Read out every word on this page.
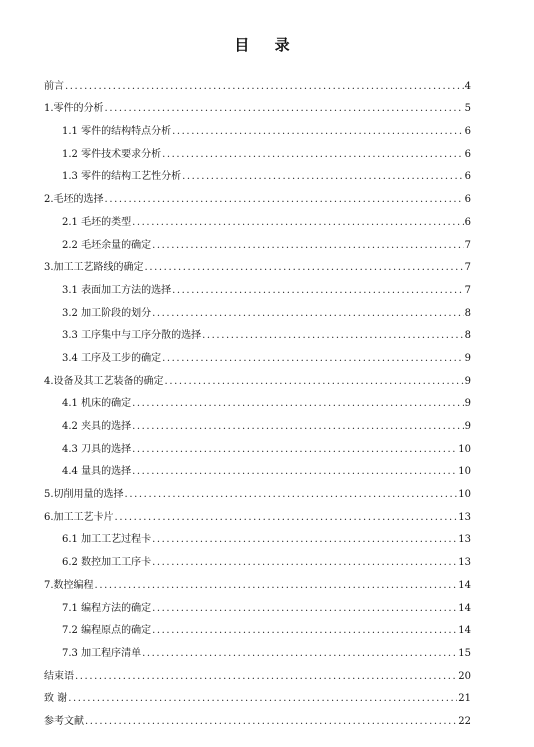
目 录
前言 .....	4
1.零件的分析 .....	5
1.1 零件的结构特点分析 .....	6
1.2 零件技术要求分析 .....	6
1.3 零件的结构工艺性分析 .....	6
2.毛坯的选择 .....	6
2.1 毛坯的类型 .....	6
2.2 毛坯余量的确定 .....	7
3.加工工艺路线的确定 .....	7
3.1 表面加工方法的选择 .....	7
3.2 加工阶段的划分 .....	8
3.3 工序集中与工序分散的选择 .....	8
3.4 工序及工步的确定 .....	9
4.设备及其工艺装备的确定 .....	9
4.1 机床的确定 .....	9
4.2 夹具的选择 .....	9
4.3 刀具的选择 .....	10
4.4 量具的选择 .....	10
5.切削用量的选择 .....	10
6.加工工艺卡片 .....	13
6.1 加工工艺过程卡 .....	13
6.2 数控加工工序卡 .....	13
7.数控编程 .....	14
7.1 编程方法的确定 .....	14
7.2 编程原点的确定 .....	14
7.3 加工程序清单 .....	15
结束语 .....	20
致 谢 .....	21
参考文献 .....	22
